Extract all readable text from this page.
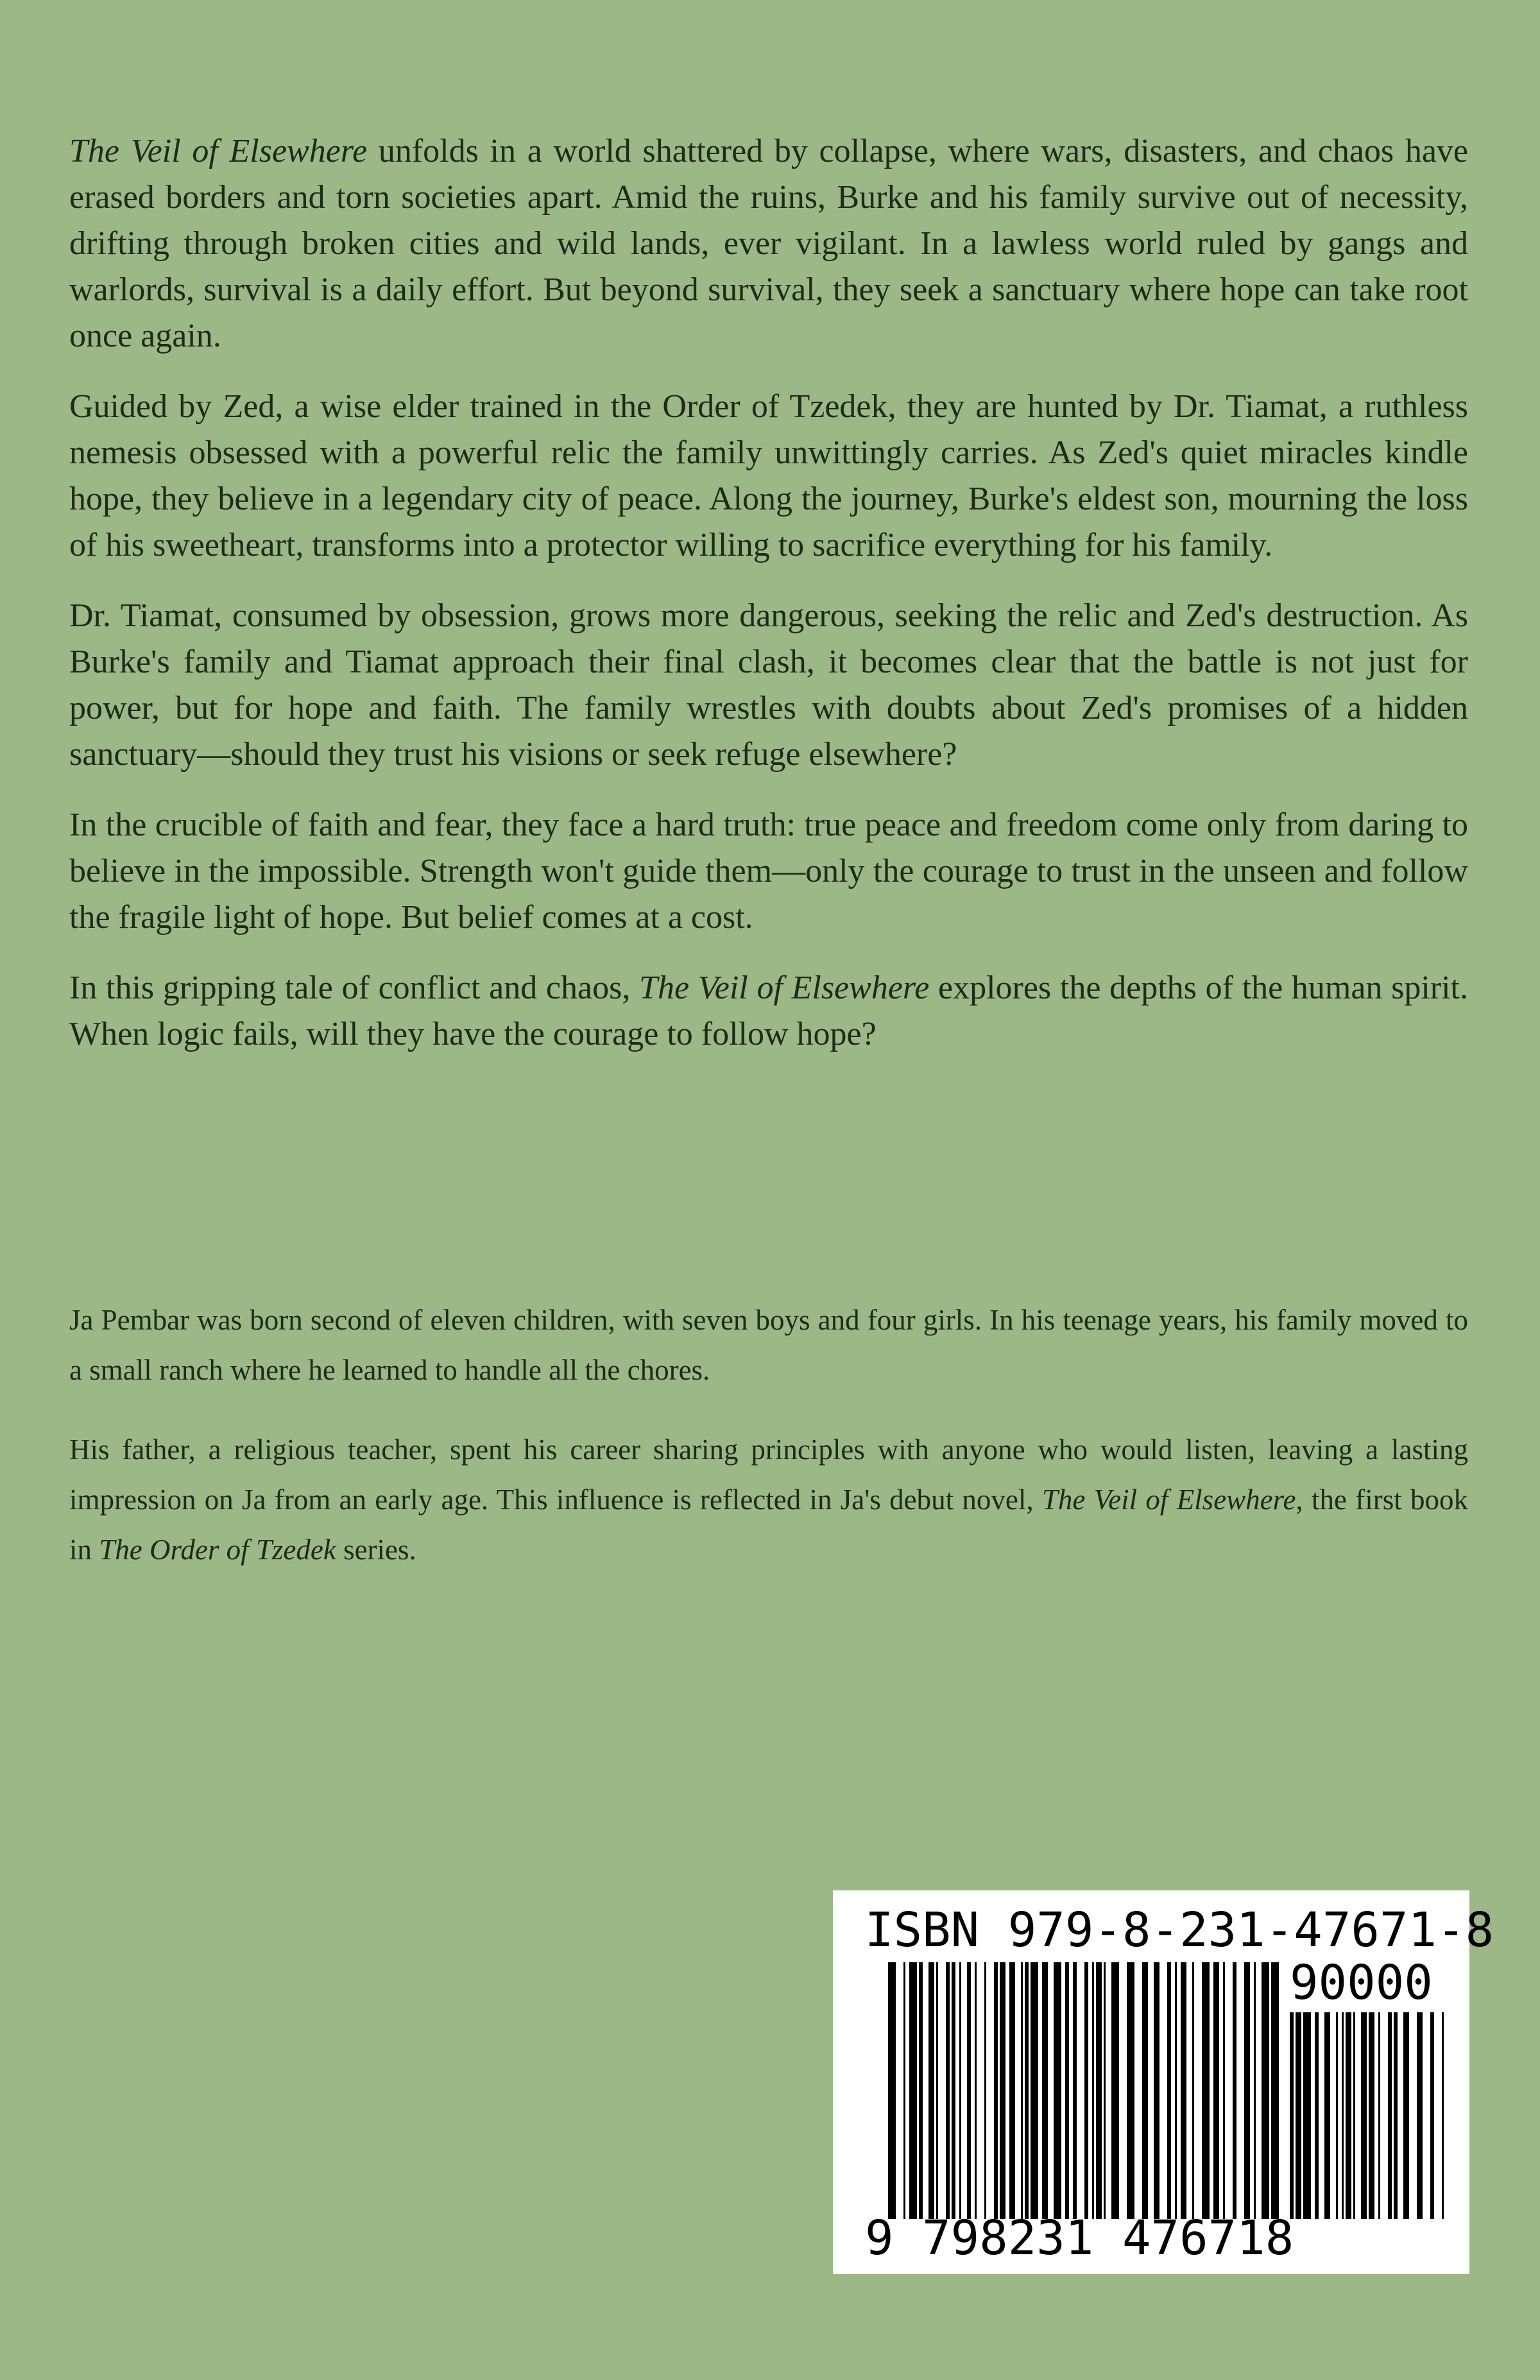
The Veil of Elsewhere unfolds in a world shattered by collapse, where wars, disasters, and chaos have erased borders and torn societies apart. Amid the ruins, Burke and his family survive out of necessity, drifting through broken cities and wild lands, ever vigilant. In a lawless world ruled by gangs and warlords, survival is a daily effort. But beyond survival, they seek a sanctuary where hope can take root once again.

Guided by Zed, a wise elder trained in the Order of Tzedek, they are hunted by Dr. Tiamat, a ruthless nemesis obsessed with a powerful relic the family unwittingly carries. As Zed's quiet miracles kindle hope, they believe in a legendary city of peace. Along the journey, Burke's eldest son, mourning the loss of his sweetheart, transforms into a protector willing to sacrifice everything for his family.

Dr. Tiamat, consumed by obsession, grows more dangerous, seeking the relic and Zed's destruction. As Burke's family and Tiamat approach their final clash, it becomes clear that the battle is not just for power, but for hope and faith. The family wrestles with doubts about Zed's promises of a hidden sanctuary—should they trust his visions or seek refuge elsewhere?

In the crucible of faith and fear, they face a hard truth: true peace and freedom come only from daring to believe in the impossible. Strength won't guide them—only the courage to trust in the unseen and follow the fragile light of hope. But belief comes at a cost.

In this gripping tale of conflict and chaos, The Veil of Elsewhere explores the depths of the human spirit. When logic fails, will they have the courage to follow hope?

Ja Pembar was born second of eleven children, with seven boys and four girls. In his teenage years, his family moved to a small ranch where he learned to handle all the chores.

His father, a religious teacher, spent his career sharing principles with anyone who would listen, leaving a lasting impression on Ja from an early age. This influence is reflected in Ja's debut novel, The Veil of Elsewhere, the first book in The Order of Tzedek series.

ISBN 979-8-231-47671-8
90000
9 798231 476718
